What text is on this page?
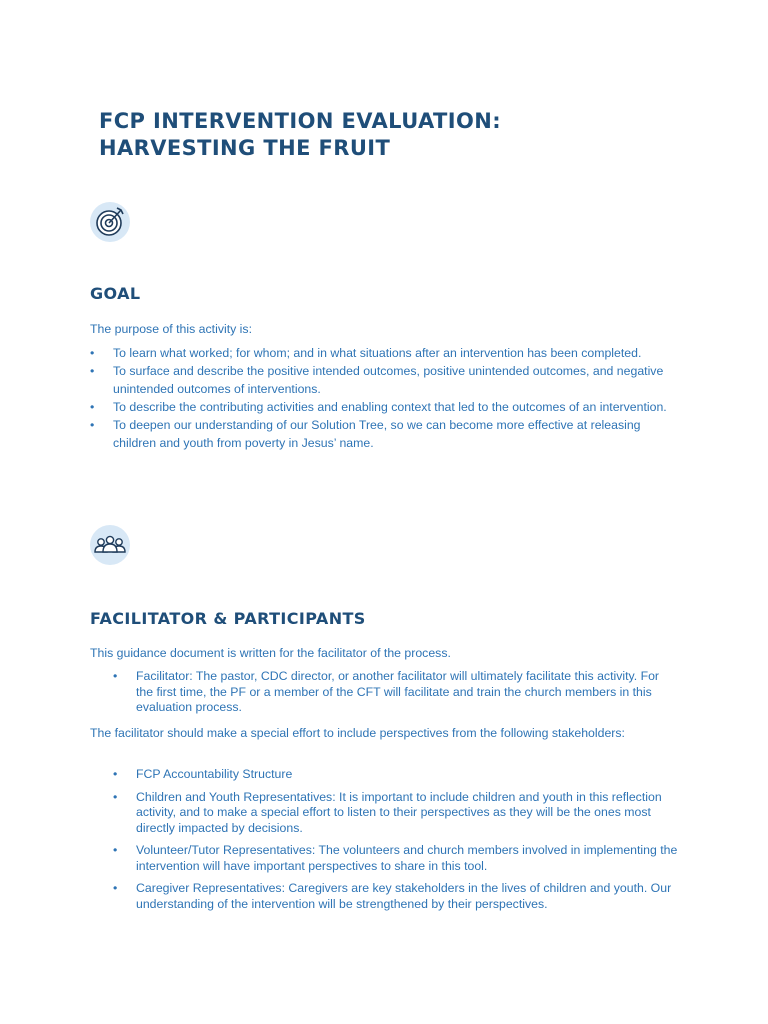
FCP INTERVENTION EVALUATION:
HARVESTING THE FRUIT
GOAL

The purpose of this activity is:

• To learn what worked; for whom; and in what situations after an intervention has been completed.
• To surface and describe the positive intended outcomes, positive unintended outcomes, and negative unintended outcomes of interventions.
• To describe the contributing activities and enabling context that led to the outcomes of an intervention.
• To deepen our understanding of our Solution Tree, so we can become more effective at releasing children and youth from poverty in Jesus’ name.
FACILITATOR & PARTICIPANTS

This guidance document is written for the facilitator of the process.

• Facilitator: The pastor, CDC director, or another facilitator will ultimately facilitate this activity. For the first time, the PF or a member of the CFT will facilitate and train the church members in this evaluation process.

The facilitator should make a special effort to include perspectives from the following stakeholders:

• FCP Accountability Structure
• Children and Youth Representatives: It is important to include children and youth in this reflection activity, and to make a special effort to listen to their perspectives as they will be the ones most directly impacted by decisions.
• Volunteer/Tutor Representatives: The volunteers and church members involved in implementing the intervention will have important perspectives to share in this tool.
• Caregiver Representatives: Caregivers are key stakeholders in the lives of children and youth. Our understanding of the intervention will be strengthened by their perspectives.
